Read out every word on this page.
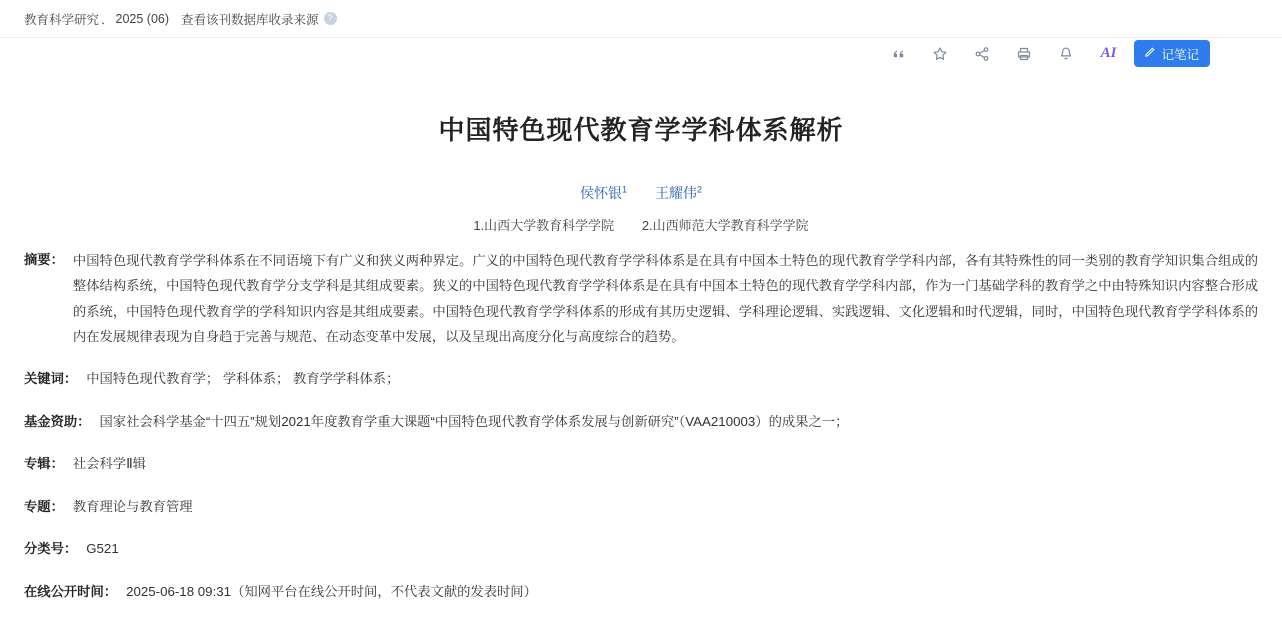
教育科学研究 ． 2025 (06) 查看该刊数据库收录来源 ?
AI	记笔记
中国特色现代教育学学科体系解析
侯怀银$^1$ 王耀伟$^2$
1.山西大学教育科学学院 2.山西师范大学教育科学学院
摘要： 中国特色现代教育学学科体系在不同语境下有广义和狭义两种界定。广义的中国特色现代教育学学科体系是在具有中国本土特色的现代教育学学科内部，各有其特殊性的同一类别的教育学知识集合组成的整体结构系统，中国特色现代教育学分支学科是其组成要素。狭义的中国特色现代教育学学科体系是在具有中国本土特色的现代教育学学科内部，作为一门基础学科的教育学之中由特殊知识内容整合形成的系统，中国特色现代教育学的学科知识内容是其组成要素。中国特色现代教育学学科体系的形成有其历史逻辑、学科理论逻辑、实践逻辑、文化逻辑和时代逻辑，同时，中国特色现代教育学学科体系的内在发展规律表现为自身趋于完善与规范、在动态变革中发展，以及呈现出高度分化与高度综合的趋势。
关键词： 中国特色现代教育学； 学科体系； 教育学学科体系；
基金资助： 国家社会科学基金“十四五”规划2021年度教育学重大课题“中国特色现代教育学体系发展与创新研究”（VAA210003）的成果之一；
专辑： 社会科学Ⅱ辑
专题： 教育理论与教育管理
分类号： G521
在线公开时间： 2025-06-18 09:31（知网平台在线公开时间，不代表文献的发表时间）
